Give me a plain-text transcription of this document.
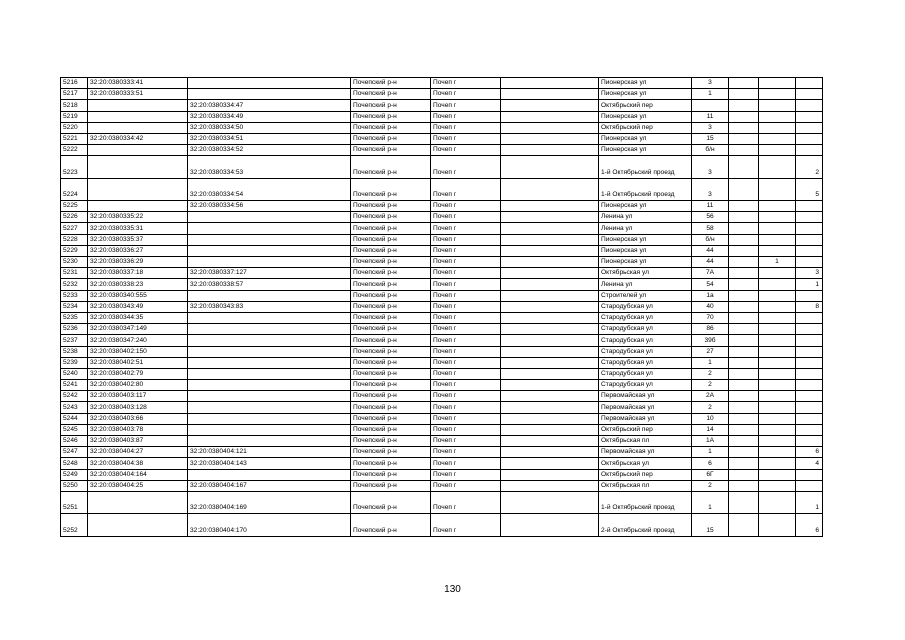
5216	32:20:0380333:41		Почепский р-н	Почеп г		Пионерская ул	3			
5217	32:20:0380333:51		Почепский р-н	Почеп г		Пионерская ул	1			
5218		32:20:0380334:47	Почепский р-н	Почеп г		Октябрьский пер				
5219		32:20:0380334:49	Почепский р-н	Почеп г		Пионерская ул	11			
5220		32:20:0380334:50	Почепский р-н	Почеп г		Октябрьский пер	3			
5221	32:20:0380334:42	32:20:0380334:51	Почепский р-н	Почеп г		Пионерская ул	15			
5222		32:20:0380334:52	Почепский р-н	Почеп г		Пионерская ул	б/н			
5223		32:20:0380334:53	Почепский р-н	Почеп г		1-й Октябрьский проезд	3			2
5224		32:20:0380334:54	Почепский р-н	Почеп г		1-й Октябрьский проезд	3			5
5225		32:20:0380334:56	Почепский р-н	Почеп г		Пионерская ул	11			
5226	32:20:0380335:22		Почепский р-н	Почеп г		Ленина ул	56			
5227	32:20:0380335:31		Почепский р-н	Почеп г		Ленина ул	58			
5228	32:20:0380335:37		Почепский р-н	Почеп г		Пионерская ул	б/н			
5229	32:20:0380336:27		Почепский р-н	Почеп г		Пионерская ул	44			
5230	32:20:0380336:29		Почепский р-н	Почеп г		Пионерская ул	44		1	
5231	32:20:0380337:18	32:20:0380337:127	Почепский р-н	Почеп г		Октябрьская ул	7А			3
5232	32:20:0380338:23	32:20:0380338:57	Почепский р-н	Почеп г		Ленина ул	54			1
5233	32:20:0380340:555		Почепский р-н	Почеп г		Строителей ул	1а			
5234	32:20:0380343:49	32:20:0380343:83	Почепский р-н	Почеп г		Стародубская ул	40			8
5235	32:20:0380344:35		Почепский р-н	Почеп г		Стародубская ул	70			
5236	32:20:0380347:149		Почепский р-н	Почеп г		Стародубская ул	86			
5237	32:20:0380347:240		Почепский р-н	Почеп г		Стародубская ул	39б			
5238	32:20:0380402:150		Почепский р-н	Почеп г		Стародубская ул	27			
5239	32:20:0380402:51		Почепский р-н	Почеп г		Стародубская ул	1			
5240	32:20:0380402:79		Почепский р-н	Почеп г		Стародубская ул	2			
5241	32:20:0380402:80		Почепский р-н	Почеп г		Стародубская ул	2			
5242	32:20:0380403:117		Почепский р-н	Почеп г		Первомайская ул	2А			
5243	32:20:0380403:128		Почепский р-н	Почеп г		Первомайская ул	2			
5244	32:20:0380403:66		Почепский р-н	Почеп г		Первомайская ул	10			
5245	32:20:0380403:78		Почепский р-н	Почеп г		Октябрьский пер	14			
5246	32:20:0380403:87		Почепский р-н	Почеп г		Октябрьская пл	1А			
5247	32:20:0380404:27	32:20:0380404:121	Почепский р-н	Почеп г		Первомайская ул	1			6
5248	32:20:0380404:38	32:20:0380404:143	Почепский р-н	Почеп г		Октябрьская ул	6			4
5249	32:20:0380404:164		Почепский р-н	Почеп г		Октябрьский пер	6Г			
5250	32:20:0380404:25	32:20:0380404:167	Почепский р-н	Почеп г		Октябрьская пл	2			
5251		32:20:0380404:169	Почепский р-н	Почеп г		1-й Октябрьский проезд	1			1
5252		32:20:0380404:170	Почепский р-н	Почеп г		2-й Октябрьский проезд	15			6
130
